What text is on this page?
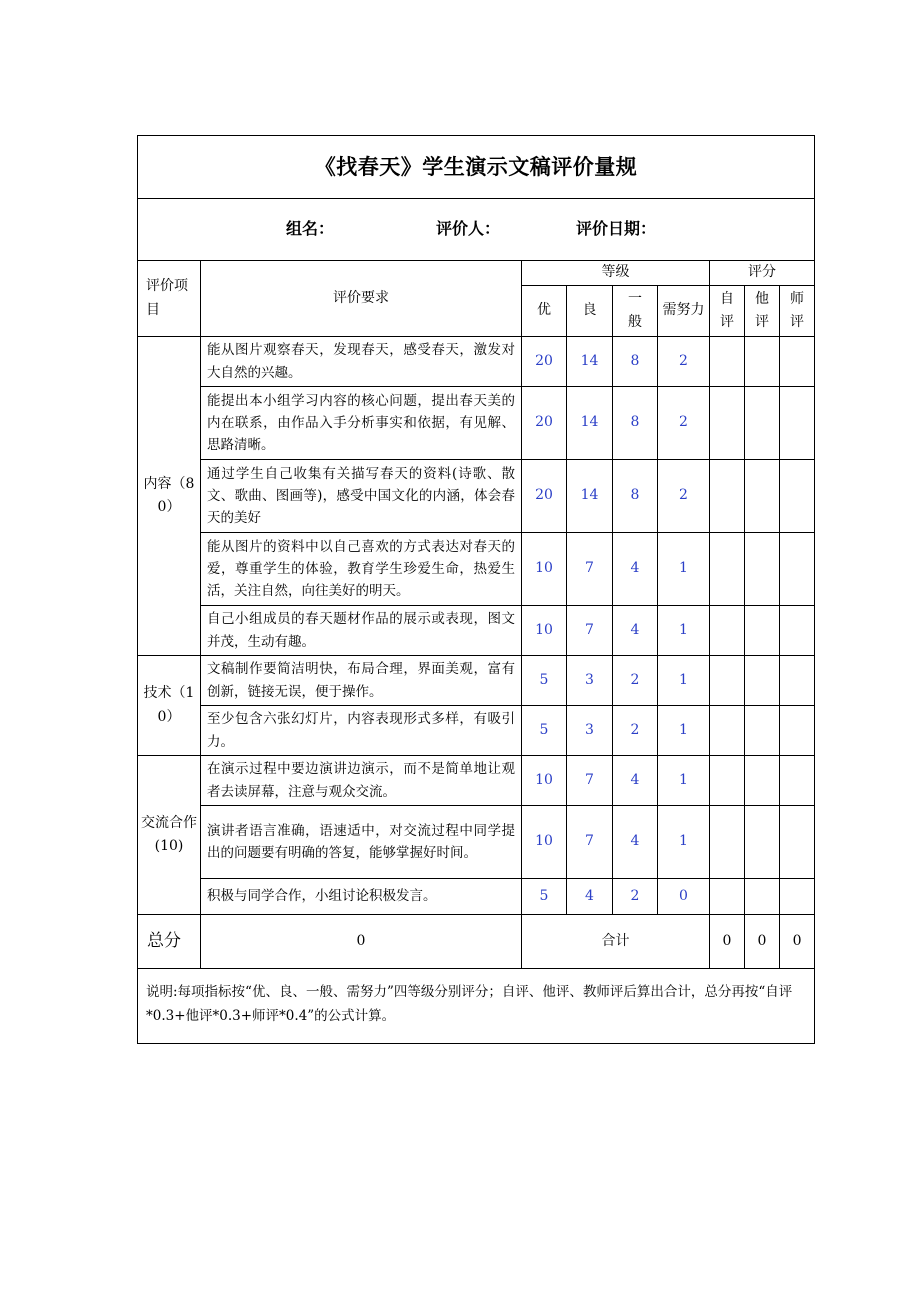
《找春天》学生演示文稿评价量规								
组名： 评价人： 评价日期：								
评价项目	评价要求	等级				评分		
		优	良	一般	需努力	自评	他评	师评
内容（80）	能从图片观察春天，发现春天，感受春天，激发对大自然的兴趣。	20	14	8	2			
	能提出本小组学习内容的核心问题，提出春天美的内在联系，由作品入手分析事实和依据，有见解、思路清晰。	20	14	8	2			
	通过学生自己收集有关描写春天的资料(诗歌、散文、歌曲、图画等)，感受中国文化的内涵，体会春天的美好	20	14	8	2			
	能从图片的资料中以自己喜欢的方式表达对春天的爱，尊重学生的体验，教育学生珍爱生命，热爱生活，关注自然，向往美好的明天。	10	7	4	1			
	自己小组成员的春天题材作品的展示或表现，图文并茂，生动有趣。	10	7	4	1			
技术（10）	文稿制作要简洁明快，布局合理，界面美观，富有创新，链接无误，便于操作。	5	3	2	1			
	至少包含六张幻灯片，内容表现形式多样，有吸引力。	5	3	2	1			
交流合作(10)	在演示过程中要边演讲边演示，而不是简单地让观者去读屏幕，注意与观众交流。	10	7	4	1			
	演讲者语言准确，语速适中，对交流过程中同学提出的问题要有明确的答复，能够掌握好时间。	10	7	4	1			
	积极与同学合作，小组讨论积极发言。	5	4	2	0			
总分	0	合计				0	0	0
说明:每项指标按“优、良、一般、需努力”四等级分别评分；自评、他评、教师评后算出合计，总分再按“自评*0.3+他评*0.3+师评*0.4”的公式计算。								
